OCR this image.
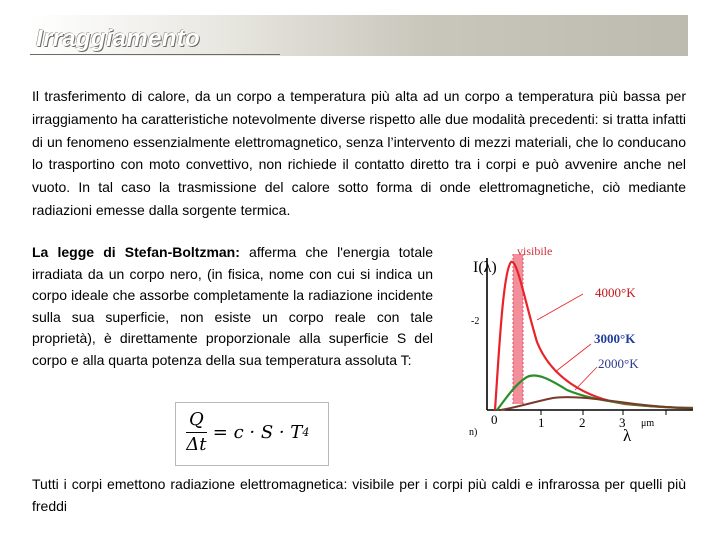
Irraggiamento

Il trasferimento di calore, da un corpo a temperatura più alta ad un corpo a temperatura più bassa per irraggiamento ha caratteristiche notevolmente diverse rispetto alle due modalità precedenti: si tratta infatti di un fenomeno essenzialmente elettromagnetico, senza l’intervento di mezzi materiali, che lo conducano lo trasportino con moto convettivo, non richiede il contatto diretto tra i corpi e può avvenire anche nel vuoto. In tal caso la trasmissione del calore sotto forma di onde elettromagnetiche, ciò mediante radiazioni emesse dalla sorgente termica.

La legge di Stefan-Boltzman: afferma che l'energia totale irradiata da un corpo nero, (in fisica, nome con cui si indica un corpo ideale che assorbe completamente la radiazione incidente sulla sua superficie, non esiste un corpo reale con tale proprietà), è direttamente proporzionale alla superficie S del corpo e alla quarta potenza della sua temperatura assoluta T:

$\frac{Q}{\Delta t} = c \cdot S \cdot T$ 4
I(λ)
visibile
4000°K
3000°K
2000°K
-2
0	1	2	3 μm
λ
n)

Tutti i corpi emettono radiazione elettromagnetica: visibile per i corpi più caldi e infrarossa per quelli più freddi
